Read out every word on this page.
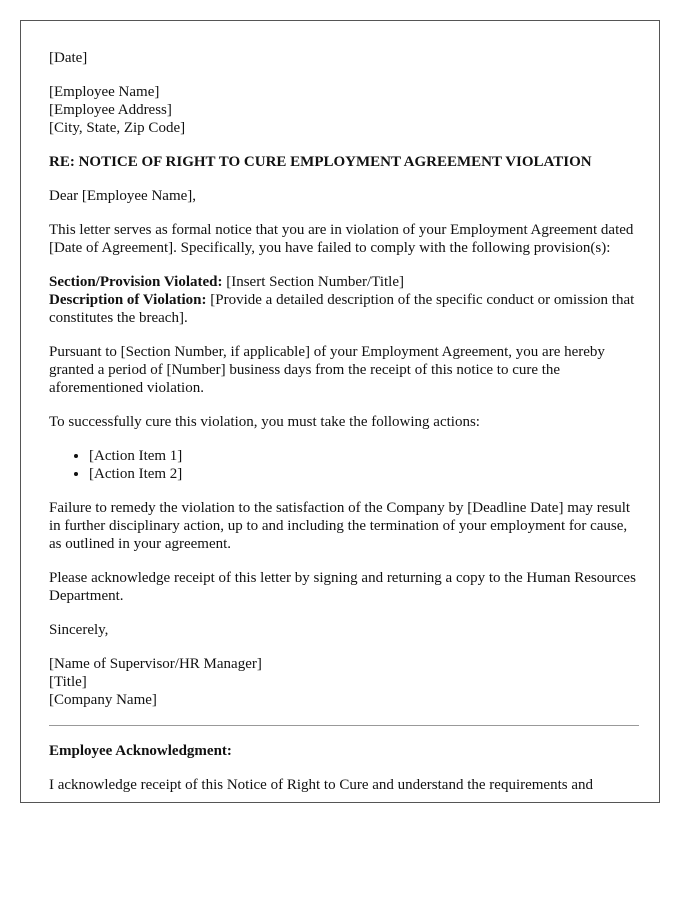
[Date]

[Employee Name]
[Employee Address]
[City, State, Zip Code]

RE: NOTICE OF RIGHT TO CURE EMPLOYMENT AGREEMENT VIOLATION

Dear [Employee Name],

This letter serves as formal notice that you are in violation of your Employment Agreement dated [Date of Agreement]. Specifically, you have failed to comply with the following provision(s):

Section/Provision Violated: [Insert Section Number/Title]
Description of Violation: [Provide a detailed description of the specific conduct or omission that constitutes the breach].

Pursuant to [Section Number, if applicable] of your Employment Agreement, you are hereby granted a period of [Number] business days from the receipt of this notice to cure the aforementioned violation.

To successfully cure this violation, you must take the following actions:

• [Action Item 1]
• [Action Item 2]

Failure to remedy the violation to the satisfaction of the Company by [Deadline Date] may result in further disciplinary action, up to and including the termination of your employment for cause, as outlined in your agreement.

Please acknowledge receipt of this letter by signing and returning a copy to the Human Resources Department.

Sincerely,

[Name of Supervisor/HR Manager]
[Title]
[Company Name]

Employee Acknowledgment:

I acknowledge receipt of this Notice of Right to Cure and understand the requirements and
